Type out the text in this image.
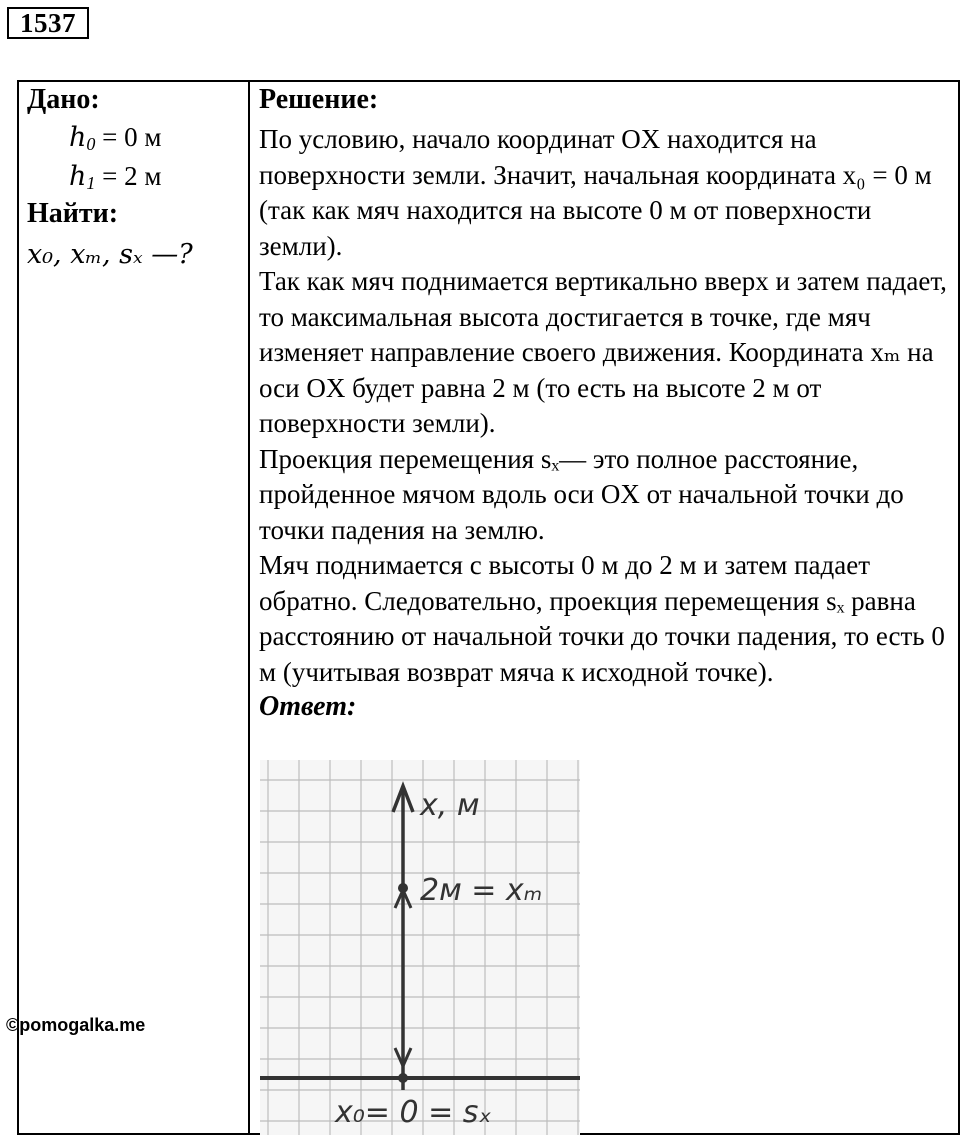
1537
Дано:
$h_0 = 0$ м
$h_1 = 2$ м
Найти:
x₀, xₘ, sₓ —?
Решение:

По условию, начало координат OX находится на поверхности земли. Значит, начальная координата x₀ = 0 м (так как мяч находится на высоте 0 м от поверхности земли).

Так как мяч поднимается вертикально вверх и затем падает, то максимальная высота достигается в точке, где мяч изменяет направление своего движения. Координата xₘ на оси OX будет равна 2 м (то есть на высоте 2 м от поверхности земли).

Проекция перемещения sₓ— это полное расстояние, пройденное мячом вдоль оси OX от начальной точки до точки падения на землю.

Мяч поднимается с высоты 0 м до 2 м и затем падает обратно. Следовательно, проекция перемещения sₓ равна расстоянию от начальной точки до точки падения, то есть 0 м (учитывая возврат мяча к исходной точке).

Ответ:
x, м
2м = xₘ
x₀= 0 = sₓ
©pomogalka.me
